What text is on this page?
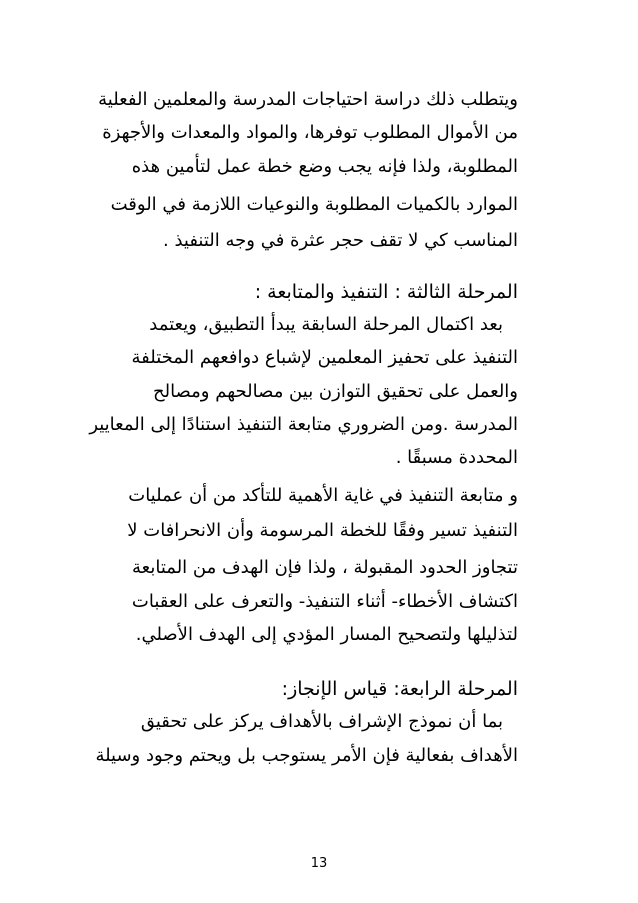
ويتطلب ذلك دراسة احتياجات المدرسة والمعلمين الفعلية
من الأموال المطلوب توفرها، والمواد والمعدات والأجهزة
المطلوبة، ولذا فإنه يجب وضع خطة عمل لتأمين هذه
الموارد بالكميات المطلوبة والنوعيات اللازمة في الوقت
المناسب كي لا تقف حجر عثرة في وجه التنفيذ .
المرحلة الثالثة : التنفيذ والمتابعة :
بعد اكتمال المرحلة السابقة يبدأ التطبيق، ويعتمد
التنفيذ على تحفيز المعلمين لإشباع دوافعهم المختلفة
والعمل على تحقيق التوازن بين مصالحهم ومصالح
المدرسة .ومن الضروري متابعة التنفيذ استنادًا إلى المعايير
المحددة مسبقًا .
و متابعة التنفيذ في غاية الأهمية للتأكد من أن عمليات
التنفيذ تسير وفقًا للخطة المرسومة وأن الانحرافات لا
تتجاوز الحدود المقبولة ، ولذا فإن الهدف من المتابعة
اكتشاف الأخطاء- أثناء التنفيذ- والتعرف على العقبات
لتذليلها ولتصحيح المسار المؤدي إلى الهدف الأصلي.
المرحلة الرابعة: قياس الإنجاز:
بما أن نموذج الإشراف بالأهداف يركز على تحقيق
الأهداف بفعالية فإن الأمر يستوجب بل ويحتم وجود وسيلة
13
